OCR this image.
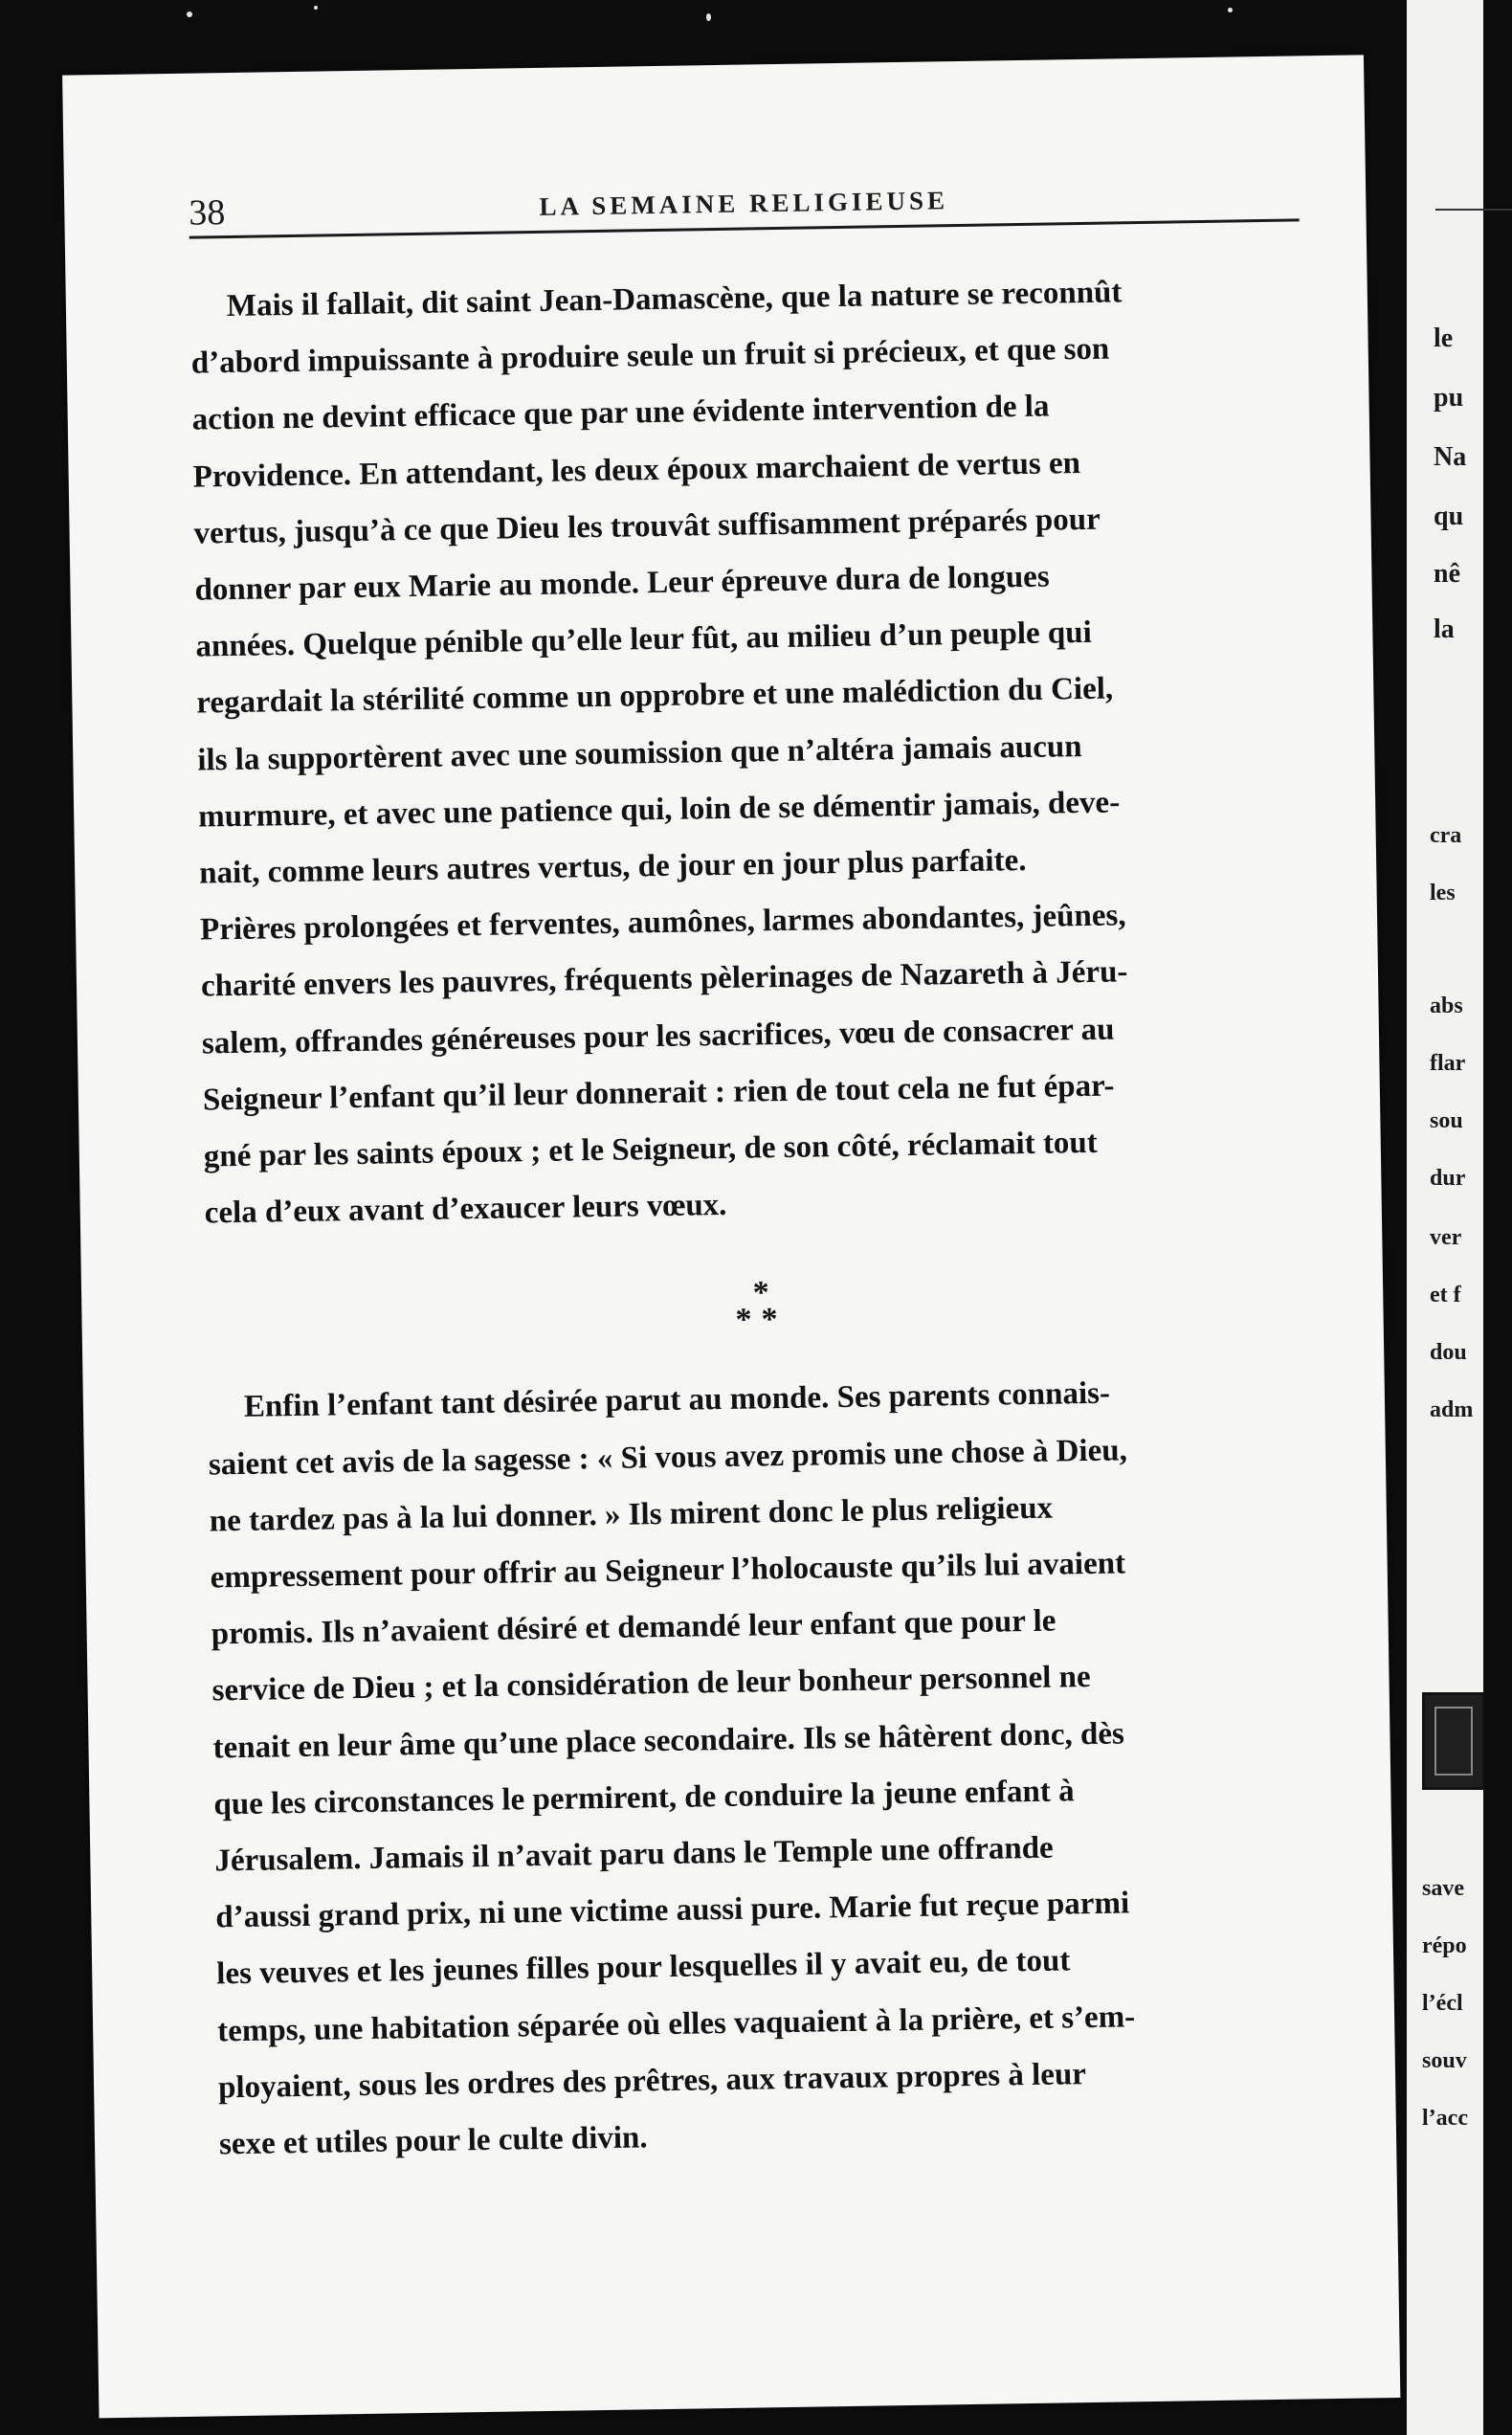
38	LA SEMAINE RELIGIEUSE

Mais il fallait, dit saint Jean-Damascène, que la nature se reconnût
d’abord impuissante à produire seule un fruit si précieux, et que son
action ne devint efficace que par une évidente intervention de la
Providence. En attendant, les deux époux marchaient de vertus en
vertus, jusqu’à ce que Dieu les trouvât suffisamment préparés pour
donner par eux Marie au monde. Leur épreuve dura de longues
années. Quelque pénible qu’elle leur fût, au milieu d’un peuple qui
regardait la stérilité comme un opprobre et une malédiction du Ciel,
ils la supportèrent avec une soumission que n’altéra jamais aucun
murmure, et avec une patience qui, loin de se démentir jamais, deve-
nait, comme leurs autres vertus, de jour en jour plus parfaite.
Prières prolongées et ferventes, aumônes, larmes abondantes, jeûnes,
charité envers les pauvres, fréquents pèlerinages de Nazareth à Jéru-
salem, offrandes généreuses pour les sacrifices, vœu de consacrer au
Seigneur l’enfant qu’il leur donnerait : rien de tout cela ne fut épar-
gné par les saints époux ; et le Seigneur, de son côté, réclamait tout
cela d’eux avant d’exaucer leurs vœux.

*
**

Enfin l’enfant tant désirée parut au monde. Ses parents connais-
saient cet avis de la sagesse : « Si vous avez promis une chose à Dieu,
ne tardez pas à la lui donner. » Ils mirent donc le plus religieux
empressement pour offrir au Seigneur l’holocauste qu’ils lui avaient
promis. Ils n’avaient désiré et demandé leur enfant que pour le
service de Dieu ; et la considération de leur bonheur personnel ne
tenait en leur âme qu’une place secondaire. Ils se hâtèrent donc, dès
que les circonstances le permirent, de conduire la jeune enfant à
Jérusalem. Jamais il n’avait paru dans le Temple une offrande
d’aussi grand prix, ni une victime aussi pure. Marie fut reçue parmi
les veuves et les jeunes filles pour lesquelles il y avait eu, de tout
temps, une habitation séparée où elles vaquaient à la prière, et s’em-
ployaient, sous les ordres des prêtres, aux travaux propres à leur
sexe et utiles pour le culte divin.

le
pu
Na
qu
nê
la
cra
les
abs
flar
sou
dur
ver
et f
dou
adm
save
répo
l’écl
souv
l’acc
